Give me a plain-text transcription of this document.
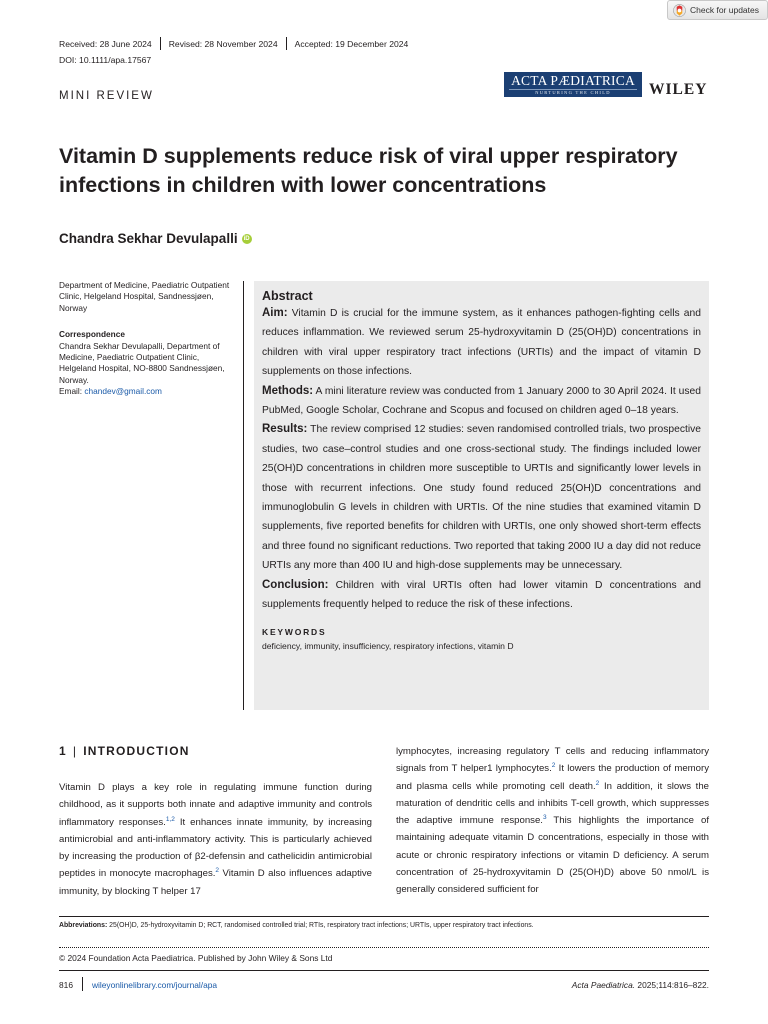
Check for updates
Received: 28 June 2024 Revised: 28 November 2024 Accepted: 19 December 2024
DOI: 10.1111/apa.17567
ACTA PÆDIATRICA
NURTURING THE CHILD	WILEY
MINI REVIEW
Vitamin D supplements reduce risk of viral upper respiratory infections in children with lower concentrations
Chandra Sekhar Devulapalli	iD
Department of Medicine, Paediatric Outpatient Clinic, Helgeland Hospital, Sandnessjøen, Norway
Correspondence
Chandra Sekhar Devulapalli, Department of Medicine, Paediatric Outpatient Clinic, Helgeland Hospital, NO-8800 Sandnessjøen, Norway.
Email: chandev@gmail.com
Abstract

Aim: Vitamin D is crucial for the immune system, as it enhances pathogen-fighting cells and reduces inflammation. We reviewed serum 25-hydroxyvitamin D (25(OH)D) concentrations in children with viral upper respiratory tract infections (URTIs) and the impact of vitamin D supplements on those infections.

Methods: A mini literature review was conducted from 1 January 2000 to 30 April 2024. It used PubMed, Google Scholar, Cochrane and Scopus and focused on children aged 0–18 years.

Results: The review comprised 12 studies: seven randomised controlled trials, two prospective studies, two case–control studies and one cross-sectional study. The findings included lower 25(OH)D concentrations in children more susceptible to URTIs and significantly lower levels in those with recurrent infections. One study found reduced 25(OH)D concentrations and immunoglobulin G levels in children with URTIs. Of the nine studies that examined vitamin D supplements, five reported benefits for children with URTIs, one only showed short-term effects and three found no significant reductions. Two reported that taking 2000 IU a day did not reduce URTIs any more than 400 IU and high-dose supplements may be unnecessary.

Conclusion: Children with viral URTIs often had lower vitamin D concentrations and supplements frequently helped to reduce the risk of these infections.

KEYWORDS
deficiency, immunity, insufficiency, respiratory infections, vitamin D
1 | INTRODUCTION

Vitamin D plays a key role in regulating immune function during childhood, as it supports both innate and adaptive immunity and controls inflammatory responses.$^{1,2}$ It enhances innate immunity, by increasing antimicrobial and anti-inflammatory activity. This is particularly achieved by increasing the production of β2-defensin and cathelicidin antimicrobial peptides in monocyte macrophages.$^2$ Vitamin D also influences adaptive immunity, by blocking T helper 17

lymphocytes, increasing regulatory T cells and reducing inflammatory signals from T helper1 lymphocytes.$^2$ It lowers the production of memory and plasma cells while promoting cell death.$^2$ In addition, it slows the maturation of dendritic cells and inhibits T-cell growth, which suppresses the adaptive immune response.$^3$ This highlights the importance of maintaining adequate vitamin D concentrations, especially in those with acute or chronic respiratory infections or vitamin D deficiency. A serum concentration of 25-hydroxyvitamin D (25(OH)D) above 50 nmol/L is generally considered sufficient for

Abbreviations: 25(OH)D, 25-hydroxyvitamin D; RCT, randomised controlled trial; RTIs, respiratory tract infections; URTIs, upper respiratory tract infections.
© 2024 Foundation Acta Paediatrica. Published by John Wiley & Sons Ltd
816 wileyonlinelibrary.com/journal/apa	Acta Paediatrica. 2025;114:816–822.
